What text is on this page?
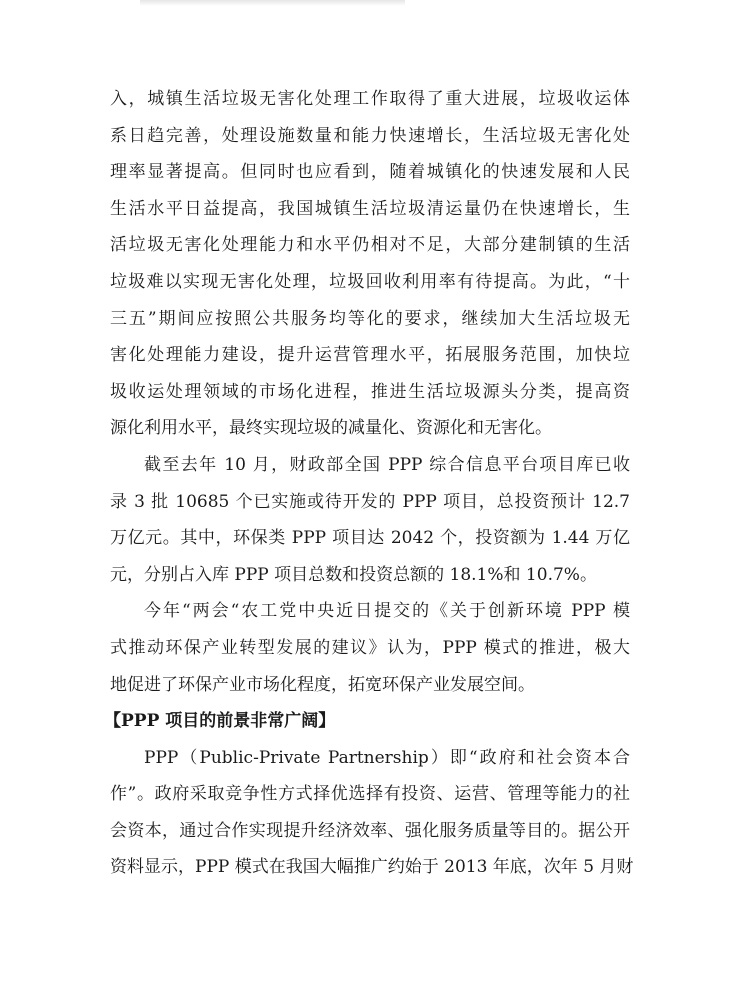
入，城镇生活垃圾无害化处理工作取得了重大进展，垃圾收运体
系日趋完善，处理设施数量和能力快速增长，生活垃圾无害化处
理率显著提高。但同时也应看到，随着城镇化的快速发展和人民
生活水平日益提高，我国城镇生活垃圾清运量仍在快速增长，生
活垃圾无害化处理能力和水平仍相对不足，大部分建制镇的生活
垃圾难以实现无害化处理，垃圾回收利用率有待提高。为此，“十
三五”期间应按照公共服务均等化的要求，继续加大生活垃圾无
害化处理能力建设，提升运营管理水平，拓展服务范围，加快垃
圾收运处理领域的市场化进程，推进生活垃圾源头分类，提高资
源化利用水平，最终实现垃圾的减量化、资源化和无害化。
截至去年 10 月，财政部全国 PPP 综合信息平台项目库已收
录 3 批 10685 个已实施或待开发的 PPP 项目，总投资预计 12.7
万亿元。其中，环保类 PPP 项目达 2042 个，投资额为 1.44 万亿
元，分别占入库 PPP 项目总数和投资总额的 18.1%和 10.7%。
今年“两会“农工党中央近日提交的《关于创新环境 PPP 模
式推动环保产业转型发展的建议》认为，PPP 模式的推进，极大
地促进了环保产业市场化程度，拓宽环保产业发展空间。
【PPP 项目的前景非常广阔】
PPP（Public-Private Partnership）即“政府和社会资本合
作”。政府采取竞争性方式择优选择有投资、运营、管理等能力的社
会资本，通过合作实现提升经济效率、强化服务质量等目的。据公开
资料显示，PPP 模式在我国大幅推广约始于 2013 年底，次年 5 月财
